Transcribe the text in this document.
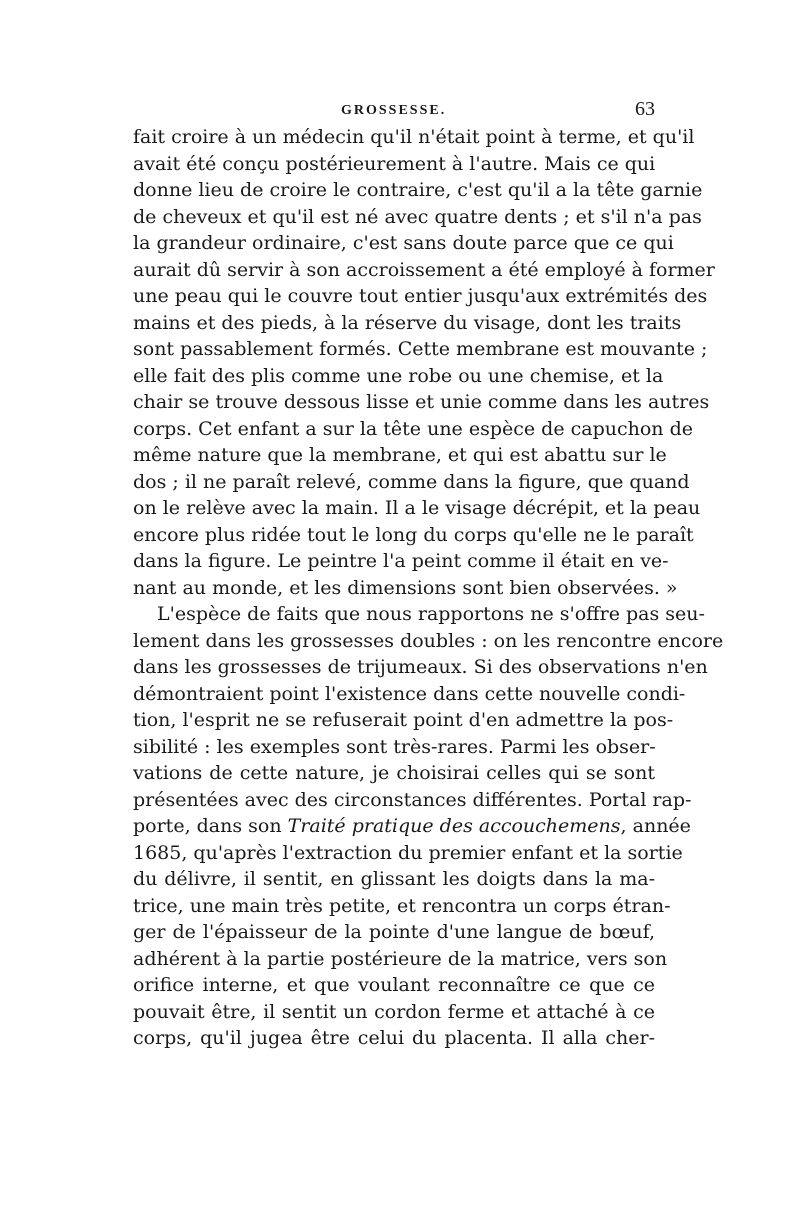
GROSSESSE.	63
fait croire à un médecin qu'il n'était point à terme, et qu'il
avait été conçu postérieurement à l'autre. Mais ce qui
donne lieu de croire le contraire, c'est qu'il a la tête garnie
de cheveux et qu'il est né avec quatre dents ; et s'il n'a pas
la grandeur ordinaire, c'est sans doute parce que ce qui
aurait dû servir à son accroissement a été employé à former
une peau qui le couvre tout entier jusqu'aux extrémités des
mains et des pieds, à la réserve du visage, dont les traits
sont passablement formés. Cette membrane est mouvante ;
elle fait des plis comme une robe ou une chemise, et la
chair se trouve dessous lisse et unie comme dans les autres
corps. Cet enfant a sur la tête une espèce de capuchon de
même nature que la membrane, et qui est abattu sur le
dos ; il ne paraît relevé, comme dans la figure, que quand
on le relève avec la main. Il a le visage décrépit, et la peau
encore plus ridée tout le long du corps qu'elle ne le paraît
dans la figure. Le peintre l'a peint comme il était en ve-
nant au monde, et les dimensions sont bien observées. »
L'espèce de faits que nous rapportons ne s'offre pas seu-
lement dans les grossesses doubles : on les rencontre encore
dans les grossesses de trijumeaux. Si des observations n'en
démontraient point l'existence dans cette nouvelle condi-
tion, l'esprit ne se refuserait point d'en admettre la pos-
sibilité : les exemples sont très-rares. Parmi les obser-
vations de cette nature, je choisirai celles qui se sont
présentées avec des circonstances différentes. Portal rap-
porte, dans son Traité pratique des accouchemens, année
1685, qu'après l'extraction du premier enfant et la sortie
du délivre, il sentit, en glissant les doigts dans la ma-
trice, une main très petite, et rencontra un corps étran-
ger de l'épaisseur de la pointe d'une langue de bœuf,
adhérent à la partie postérieure de la matrice, vers son
orifice interne, et que voulant reconnaître ce que ce
pouvait être, il sentit un cordon ferme et attaché à ce
corps, qu'il jugea être celui du placenta. Il alla cher-
